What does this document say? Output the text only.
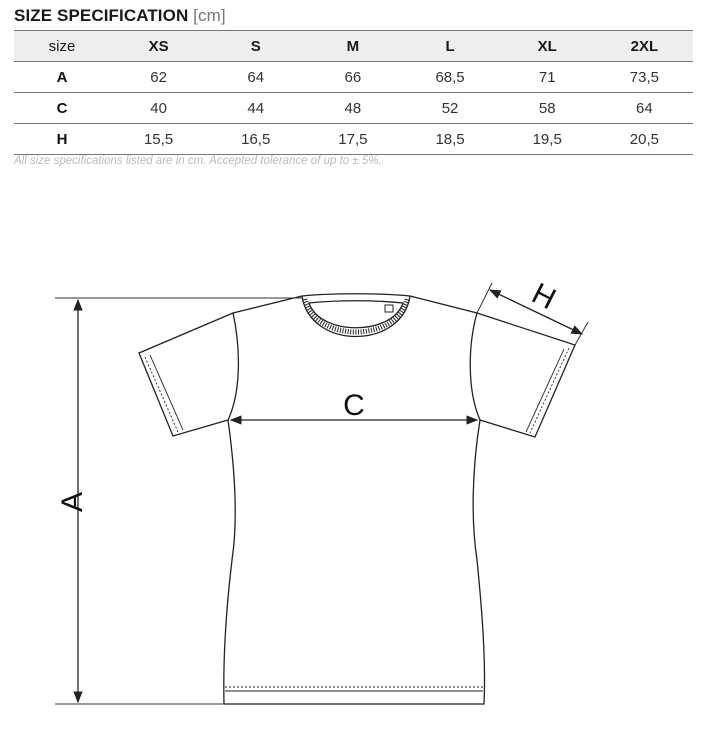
SIZE SPECIFICATION [cm]
size	XS	S	M	L	XL	2XL
A	62	64	66	68,5	71	73,5
C	40	44	48	52	58	64
H	15,5	16,5	17,5	18,5	19,5	20,5
All size specifications listed are in cm. Accepted tolerance of up to ± 5%.
A
C
H
